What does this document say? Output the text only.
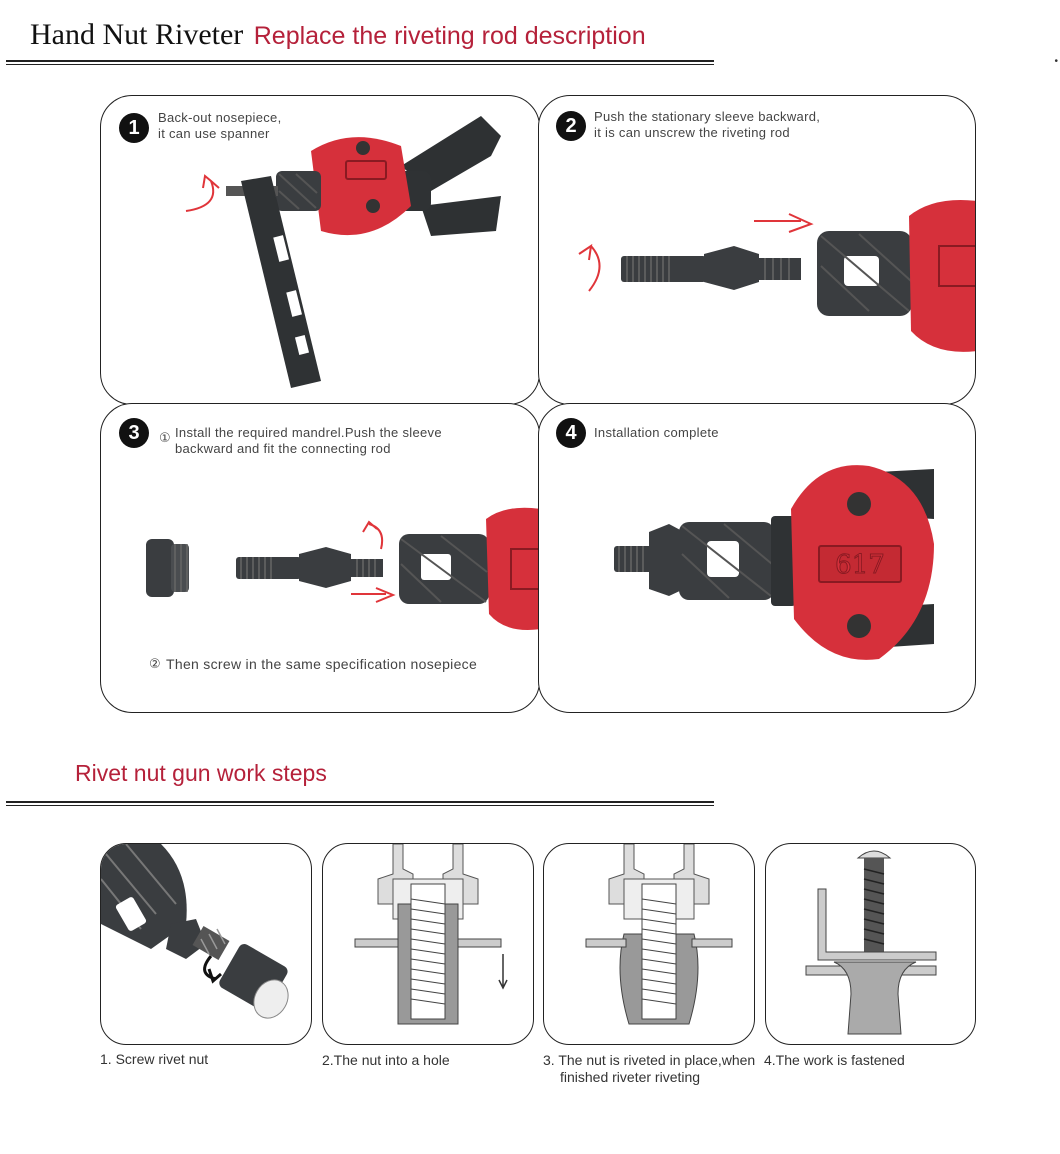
Hand Nut Riveter Replace the riveting rod description
•
1	Back-out nosepiece,
it can use spanner	2	Push the stationary sleeve backward,
it is can unscrew the riveting rod
3	① Install the required mandrel.Push the sleeve
backward and fit the connecting rod
② Then screw in the same specification nosepiece
4	Installation complete
617
Rivet nut gun work steps
1. Screw rivet nut	2.The nut into a hole	3. The nut is riveted in place,when
finished riveter riveting
4.The work is fastened
